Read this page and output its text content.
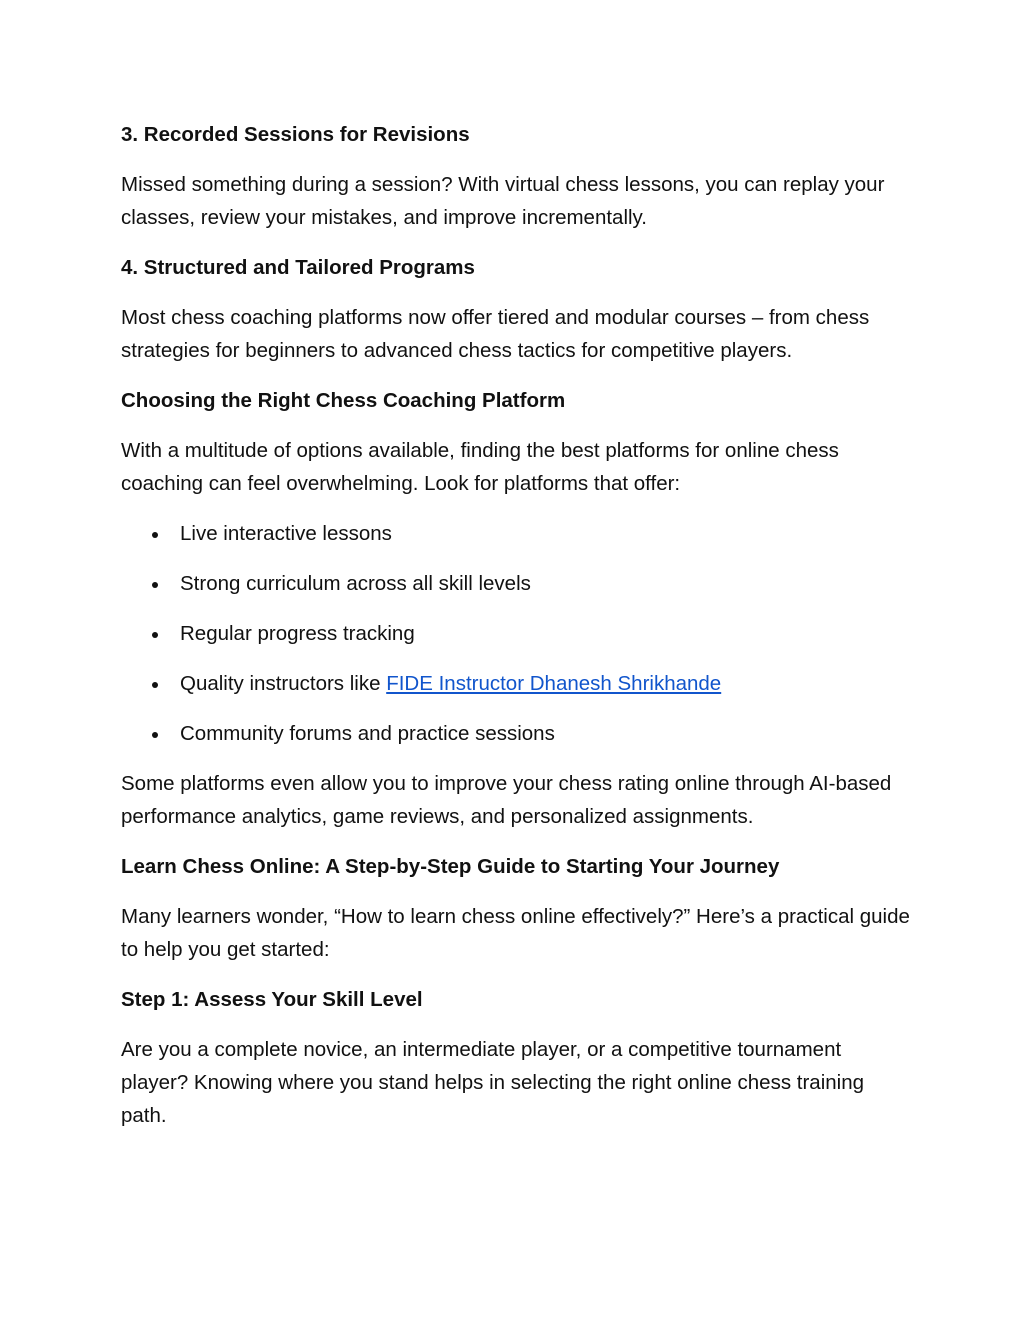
3. Recorded Sessions for Revisions
Missed something during a session? With virtual chess lessons, you can replay your classes, review your mistakes, and improve incrementally.
4. Structured and Tailored Programs
Most chess coaching platforms now offer tiered and modular courses – from chess strategies for beginners to advanced chess tactics for competitive players.
Choosing the Right Chess Coaching Platform
With a multitude of options available, finding the best platforms for online chess coaching can feel overwhelming. Look for platforms that offer:
Live interactive lessons
Strong curriculum across all skill levels
Regular progress tracking
Quality instructors like FIDE Instructor Dhanesh Shrikhande
Community forums and practice sessions
Some platforms even allow you to improve your chess rating online through AI-based performance analytics, game reviews, and personalized assignments.
Learn Chess Online: A Step-by-Step Guide to Starting Your Journey
Many learners wonder, “How to learn chess online effectively?” Here’s a practical guide to help you get started:
Step 1: Assess Your Skill Level
Are you a complete novice, an intermediate player, or a competitive tournament player? Knowing where you stand helps in selecting the right online chess training path.
